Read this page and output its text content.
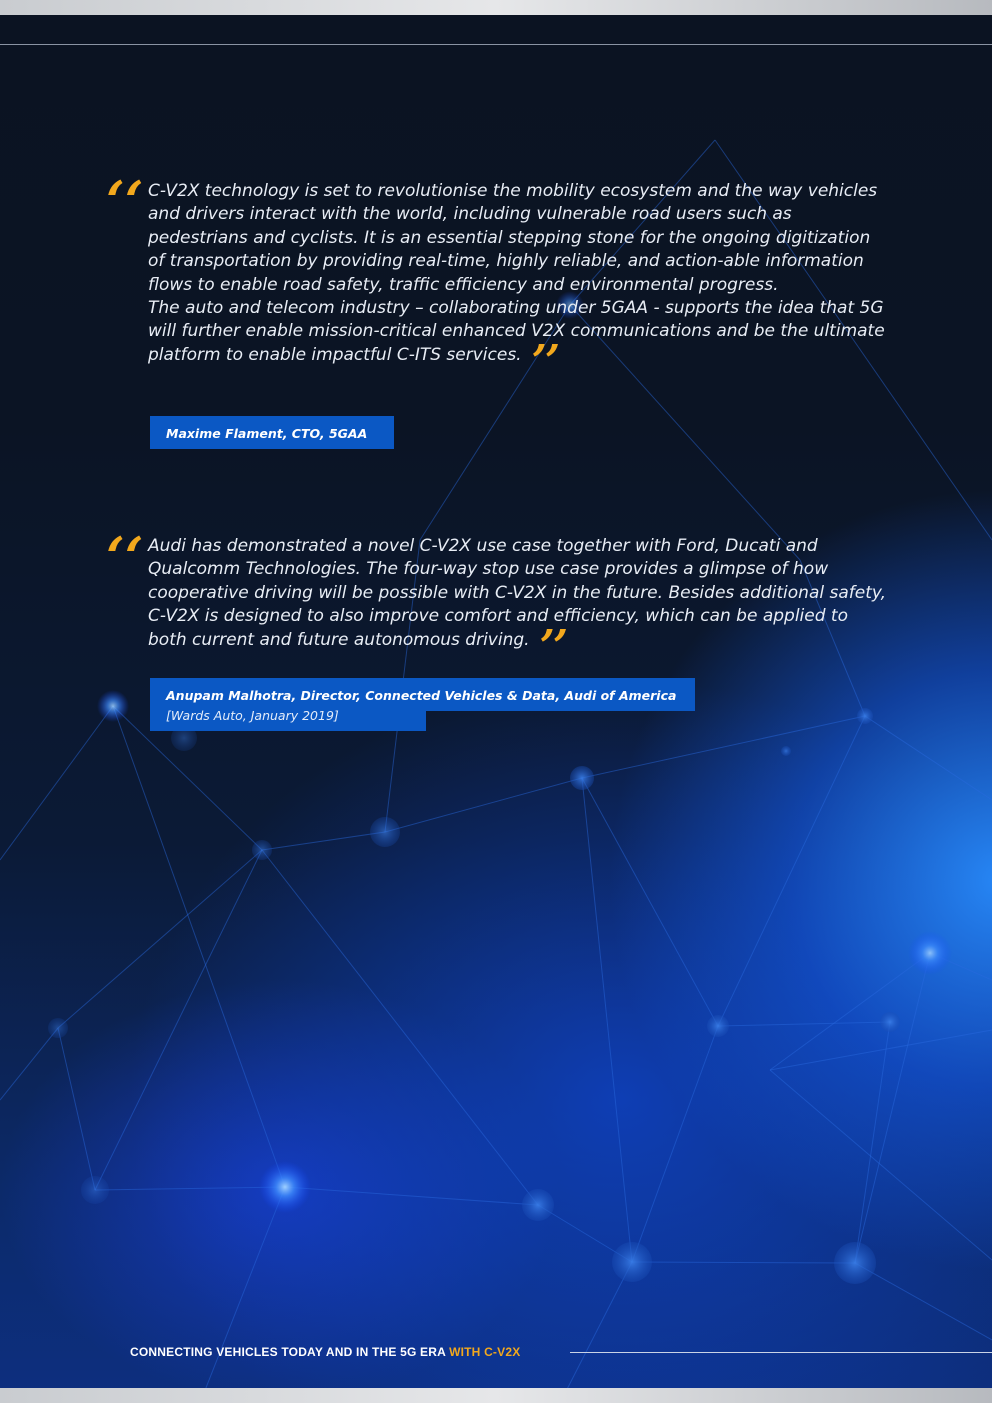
‘‘ C-V2X technology is set to revolutionise the mobility ecosystem and the way vehicles and drivers interact with the world, including vulnerable road users such as pedestrians and cyclists. It is an essential stepping stone for the ongoing digitization of transportation by providing real-time, highly reliable, and action-able information flows to enable road safety, traffic efficiency and environmental progress.

The auto and telecom industry – collaborating under 5GAA - supports the idea that 5G will further enable mission-critical enhanced V2X communications and be the ultimate platform to enable impactful C-ITS services. ’’

Maxime Flament, CTO, 5GAA
‘‘ Audi has demonstrated a novel C-V2X use case together with Ford, Ducati and Qualcomm Technologies. The four-way stop use case provides a glimpse of how cooperative driving will be possible with C-V2X in the future. Besides additional safety, C-V2X is designed to also improve comfort and efficiency, which can be applied to both current and future autonomous driving. ’’

Anupam Malhotra, Director, Connected Vehicles & Data, Audi of America
[Wards Auto, January 2019]
CONNECTING VEHICLES TODAY AND IN THE 5G ERA WITH C-V2X
